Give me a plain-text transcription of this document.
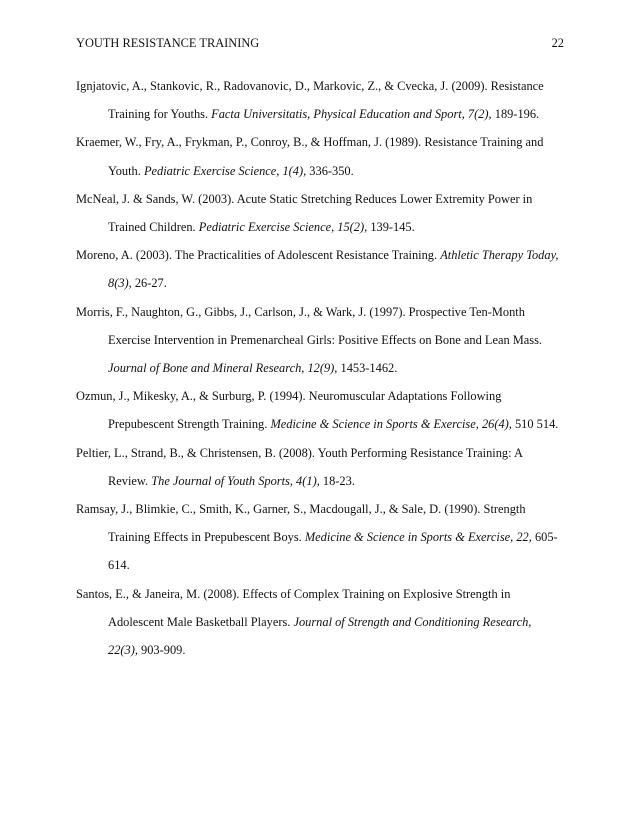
YOUTH RESISTANCE TRAINING	22

Ignjatovic, A., Stankovic, R., Radovanovic, D., Markovic, Z., & Cvecka, J. (2009). Resistance Training for Youths. Facta Universitatis, Physical Education and Sport, 7(2), 189-196.

Kraemer, W., Fry, A., Frykman, P., Conroy, B., & Hoffman, J. (1989). Resistance Training and Youth. Pediatric Exercise Science, 1(4), 336-350.

McNeal, J. & Sands, W. (2003). Acute Static Stretching Reduces Lower Extremity Power in Trained Children. Pediatric Exercise Science, 15(2), 139-145.

Moreno, A. (2003). The Practicalities of Adolescent Resistance Training. Athletic Therapy Today, 8(3), 26-27.

Morris, F., Naughton, G., Gibbs, J., Carlson, J., & Wark, J. (1997). Prospective Ten-Month Exercise Intervention in Premenarcheal Girls: Positive Effects on Bone and Lean Mass. Journal of Bone and Mineral Research, 12(9), 1453-1462.

Ozmun, J., Mikesky, A., & Surburg, P. (1994). Neuromuscular Adaptations Following Prepubescent Strength Training. Medicine & Science in Sports & Exercise, 26(4), 510 514.

Peltier, L., Strand, B., & Christensen, B. (2008). Youth Performing Resistance Training: A Review. The Journal of Youth Sports, 4(1), 18-23.

Ramsay, J., Blimkie, C., Smith, K., Garner, S., Macdougall, J., & Sale, D. (1990). Strength Training Effects in Prepubescent Boys. Medicine & Science in Sports & Exercise, 22, 605-614.

Santos, E., & Janeira, M. (2008). Effects of Complex Training on Explosive Strength in Adolescent Male Basketball Players. Journal of Strength and Conditioning Research, 22(3), 903-909.
